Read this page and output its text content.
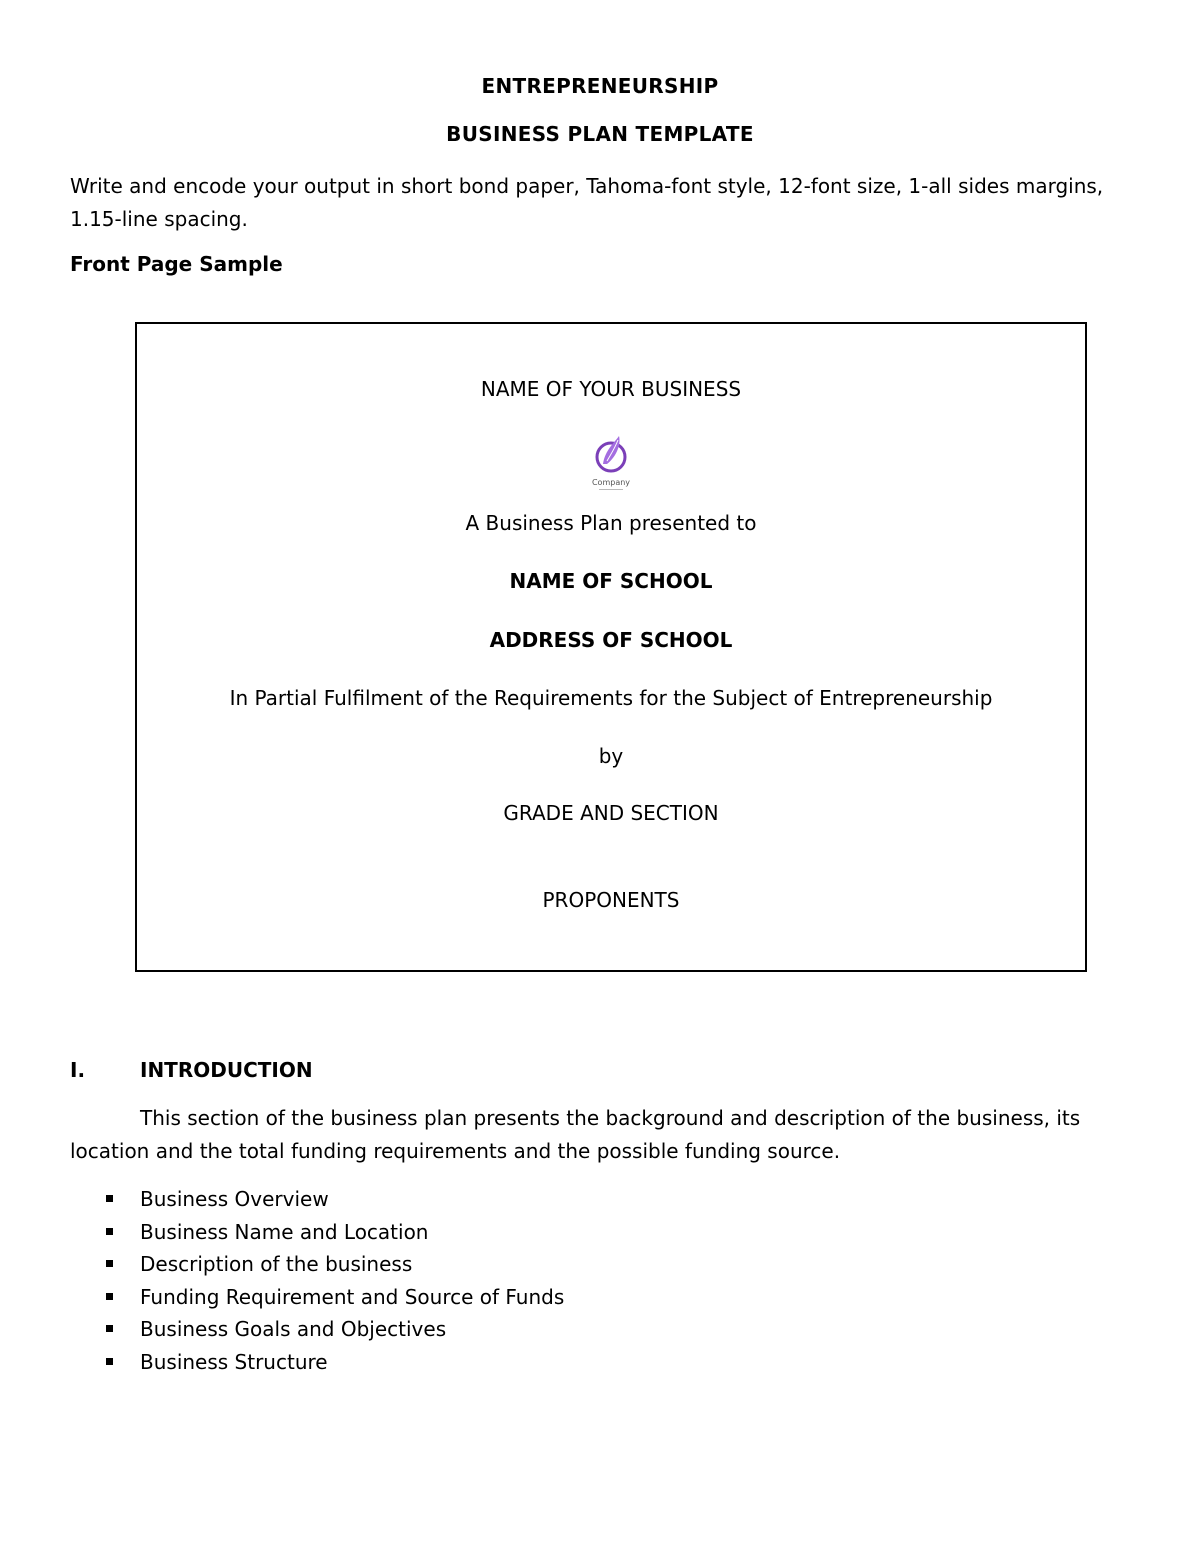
ENTREPRENEURSHIP
BUSINESS PLAN TEMPLATE
Write and encode your output in short bond paper, Tahoma-font style, 12-font size, 1-all sides margins, 1.15-line spacing.
Front Page Sample
NAME OF YOUR BUSINESS
Company
A Business Plan presented to
NAME OF SCHOOL
ADDRESS OF SCHOOL
In Partial Fulfilment of the Requirements for the Subject of Entrepreneurship
by
GRADE AND SECTION
PROPONENTS
I.	INTRODUCTION
This section of the business plan presents the background and description of the business, its location and the total funding requirements and the possible funding source.
Business Overview
Business Name and Location
Description of the business
Funding Requirement and Source of Funds
Business Goals and Objectives
Business Structure
